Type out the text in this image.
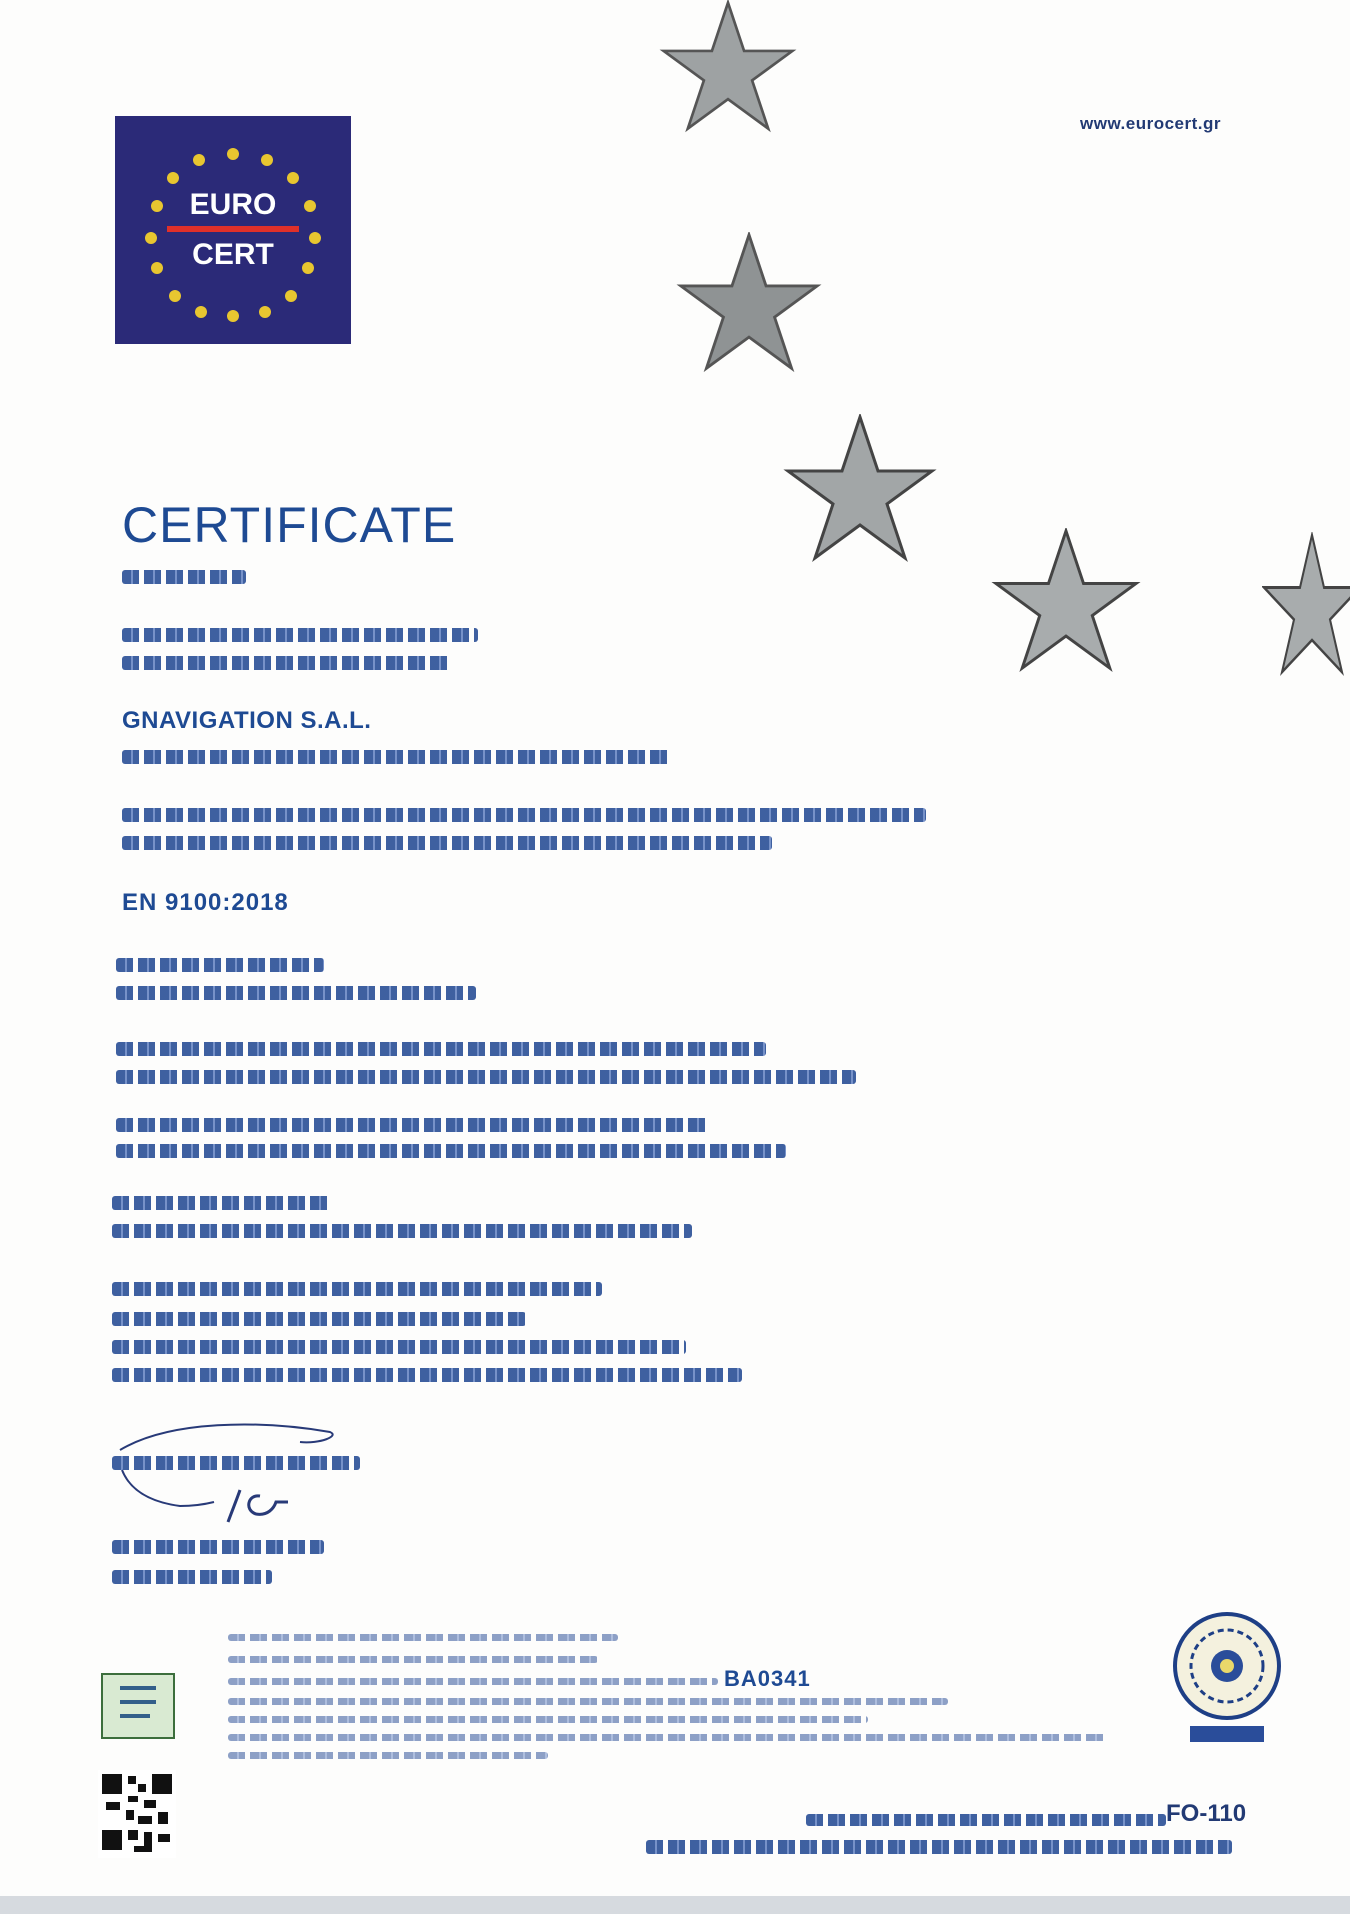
EURO
CERT
www.eurocert.gr
CERTIFICATE
GNAVIGATION S.A.L.
EN 9100:2018
BA0341
FO-110
